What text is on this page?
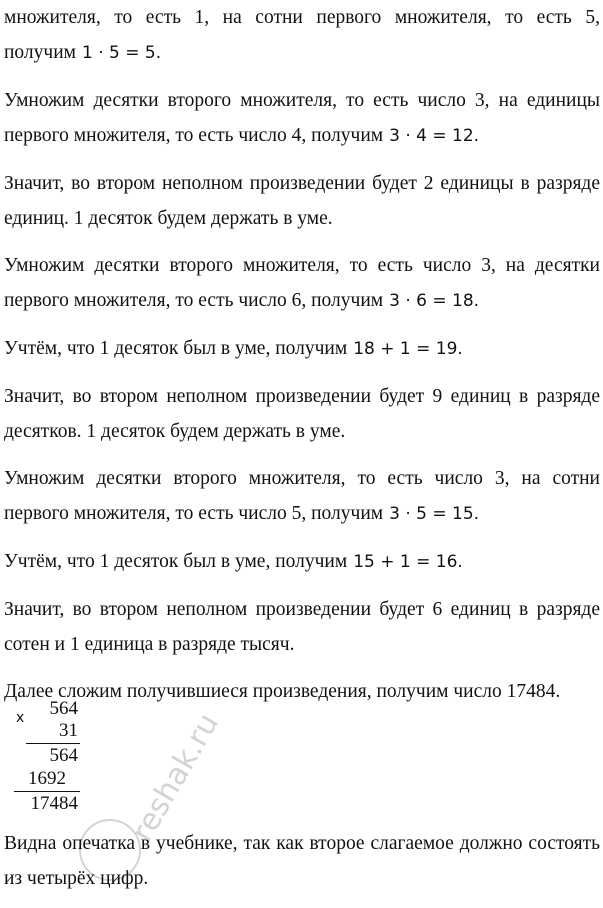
множителя, то есть 1, на сотни первого множителя, то есть 5, получим 1 · 5 = 5.

Умножим десятки второго множителя, то есть число 3, на единицы первого множителя, то есть число 4, получим 3 · 4 = 12.

Значит, во втором неполном произведении будет 2 единицы в разряде единиц. 1 десяток будем держать в уме.

Умножим десятки второго множителя, то есть число 3, на десятки первого множителя, то есть число 6, получим 3 · 6 = 18.

Учтём, что 1 десяток был в уме, получим 18 + 1 = 19.

Значит, во втором неполном произведении будет 9 единиц в разряде десятков. 1 десяток будем держать в уме.

Умножим десятки второго множителя, то есть число 3, на сотни первого множителя, то есть число 5, получим 3 · 5 = 15.

Учтём, что 1 десяток был в уме, получим 15 + 1 = 16.

Значит, во втором неполном произведении будет 6 единиц в разряде сотен и 1 единица в разряде тысяч.

Далее сложим получившиеся произведения, получим число 17484.

x 564
31
564
1692
17484 reshak.ru

Видна опечатка в учебнике, так как второе слагаемое должно состоять из четырёх цифр.
